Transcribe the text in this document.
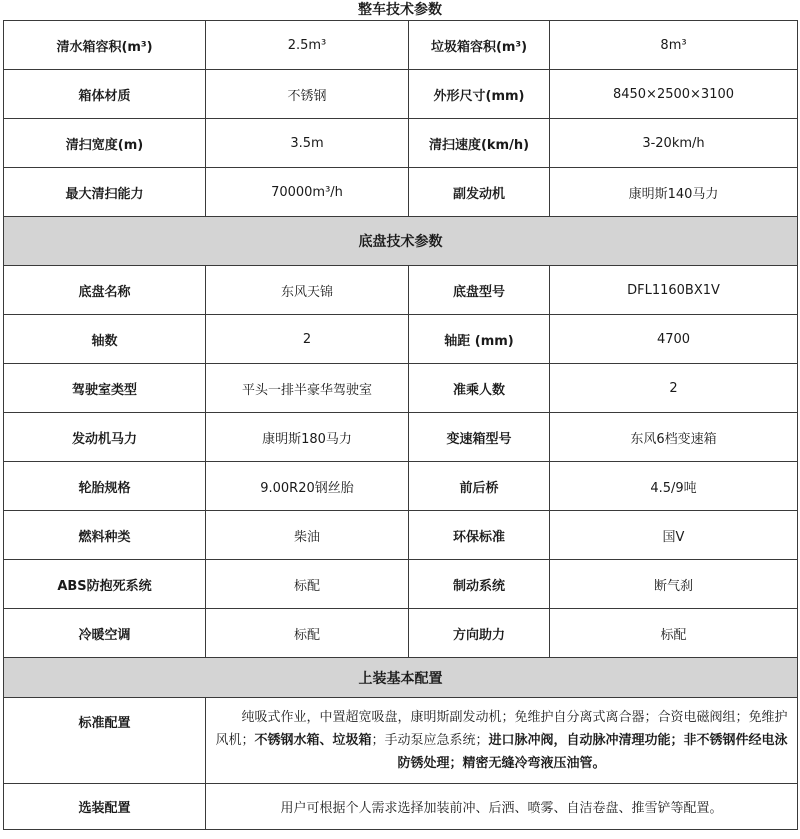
整车技术参数
清水箱容积(m³)	2.5m³	垃圾箱容积(m³)	8m³
箱体材质	不锈钢	外形尺寸(mm)	8450×2500×3100
清扫宽度(m)	3.5m	清扫速度(km/h)	3-20km/h
最大清扫能力	70000m³/h	副发动机	康明斯140马力
底盘技术参数			
底盘名称	东风天锦	底盘型号	DFL1160BX1V
轴数	2	轴距 (mm)	4700
驾驶室类型	平头一排半豪华驾驶室	准乘人数	2
发动机马力	康明斯180马力	变速箱型号	东风6档变速箱
轮胎规格	9.00R20钢丝胎	前后桥	4.5/9吨
燃料种类	柴油	环保标准	国V
ABS防抱死系统	标配	制动系统	断气刹
冷暖空调	标配	方向助力	标配
上装基本配置			
标准配置	纯吸式作业，中置超宽吸盘，康明斯副发动机；免维护自分离式离合器；合资电磁阀组；免维护风机；不锈钢水箱、垃圾箱；手动泵应急系统；进口脉冲阀，自动脉冲清理功能；非不锈钢件经电泳防锈处理；精密无缝冷弯液压油管。		
选装配置	用户可根据个人需求选择加装前冲、后洒、喷雾、自洁卷盘、推雪铲等配置。		
